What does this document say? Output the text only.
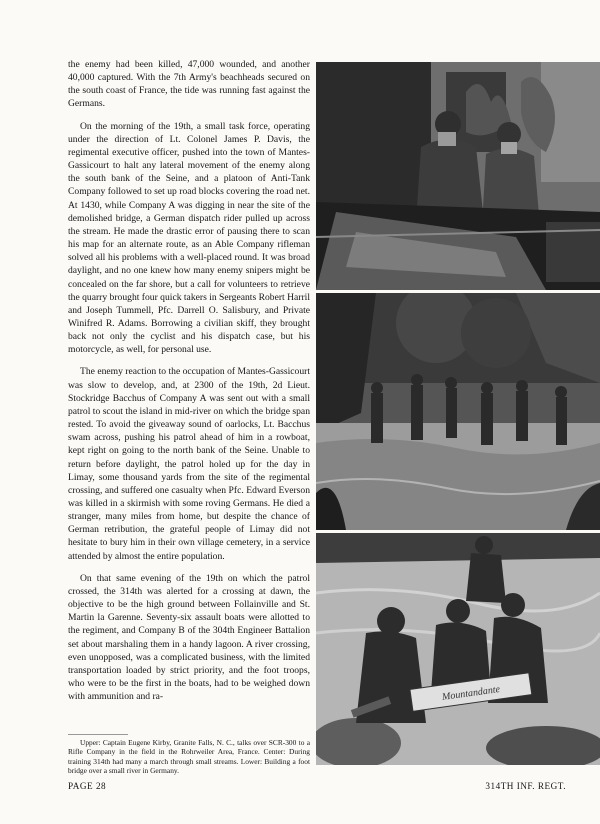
the enemy had been killed, 47,000 wounded, and another 40,000 captured. With the 7th Army's beachheads secured on the south coast of France, the tide was running fast against the Germans.

On the morning of the 19th, a small task force, operating under the direction of Lt. Colonel James P. Davis, the regimental executive officer, pushed into the town of Mantes-Gassicourt to halt any lateral movement of the enemy along the south bank of the Seine, and a platoon of Anti-Tank Company followed to set up road blocks covering the road net. At 1430, while Company A was digging in near the site of the demolished bridge, a German dispatch rider pulled up across the stream. He made the drastic error of pausing there to scan his map for an alternate route, as an Able Company rifleman solved all his problems with a well-placed round. It was broad daylight, and no one knew how many enemy snipers might be concealed on the far shore, but a call for volunteers to retrieve the quarry brought four quick takers in Sergeants Robert Harril and Joseph Tummell, Pfc. Darrell O. Salisbury, and Private Winifred R. Adams. Borrowing a civilian skiff, they brought back not only the cyclist and his dispatch case, but his motorcycle, as well, for personal use.

The enemy reaction to the occupation of Mantes-Gassicourt was slow to develop, and, at 2300 of the 19th, 2d Lieut. Stockridge Bacchus of Company A was sent out with a small patrol to scout the island in mid-river on which the bridge span rested. To avoid the giveaway sound of oarlocks, Lt. Bacchus swam across, pushing his patrol ahead of him in a rowboat, kept right on going to the north bank of the Seine. Unable to return before daylight, the patrol holed up for the day in Limay, some thousand yards from the site of the regimental crossing, and suffered one casualty when Pfc. Edward Everson was killed in a skirmish with some roving Germans. He died a stranger, many miles from home, but despite the chance of German retribution, the grateful people of Limay did not hesitate to bury him in their own village cemetery, in a service attended by almost the entire population.

On that same evening of the 19th on which the patrol crossed, the 314th was alerted for a crossing at dawn, the objective to be the high ground between Follainville and St. Martin la Garenne. Seventy-six assault boats were allotted to the regiment, and Company B of the 304th Engineer Battalion set about marshaling them in a handy lagoon. A river crossing, even unopposed, was a complicated business, with the limited transportation loaded by strict priority, and the foot troops, who were to be the first in the boats, had to be weighed down with ammunition and ra-	Mountandante
Upper: Captain Eugene Kirby, Granite Falls, N. C., talks over SCR-300 to a Rifle Company in the field in the Rohrweiler Area, France. Center: During training 314th had many a march through small streams. Lower: Building a foot bridge over a small river in Germany.
PAGE 28	314TH INF. REGT.
